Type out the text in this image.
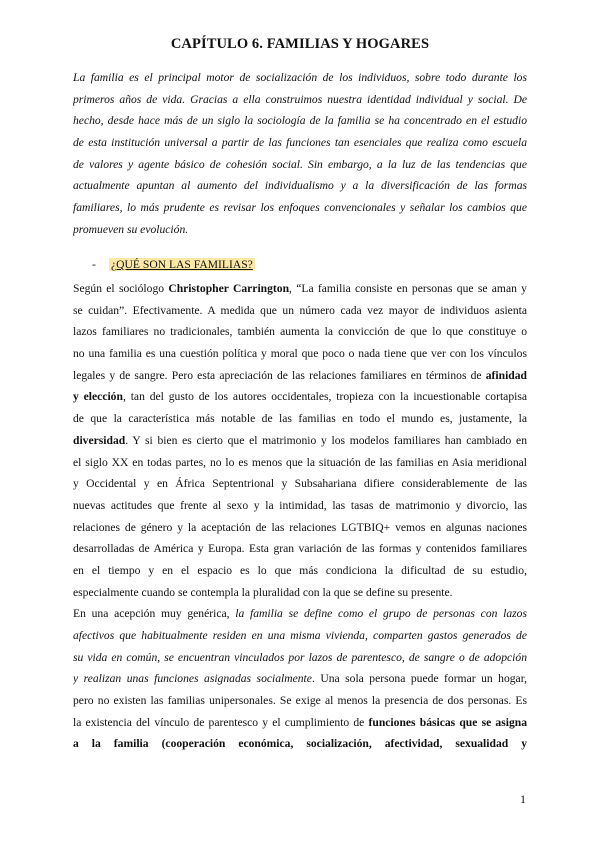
CAPÍTULO 6. FAMILIAS Y HOGARES
La familia es el principal motor de socialización de los individuos, sobre todo durante los
primeros años de vida. Gracias a ella construimos nuestra identidad individual y social. De
hecho, desde hace más de un siglo la sociología de la familia se ha concentrado en el estudio
de esta institución universal a partir de las funciones tan esenciales que realiza como escuela
de valores y agente básico de cohesión social. Sin embargo, a la luz de las tendencias que
actualmente apuntan al aumento del individualismo y a la diversificación de las formas
familiares, lo más prudente es revisar los enfoques convencionales y señalar los cambios que
promueven su evolución.
- ¿QUÉ SON LAS FAMILIAS?
Según el sociólogo Christopher Carrington, “La familia consiste en personas que se aman y
se cuidan”. Efectivamente. A medida que un número cada vez mayor de individuos asienta
lazos familiares no tradicionales, también aumenta la convicción de que lo que constituye o
no una familia es una cuestión política y moral que poco o nada tiene que ver con los vínculos
legales y de sangre. Pero esta apreciación de las relaciones familiares en términos de afinidad
y elección, tan del gusto de los autores occidentales, tropieza con la incuestionable cortapisa
de que la característica más notable de las familias en todo el mundo es, justamente, la
diversidad. Y si bien es cierto que el matrimonio y los modelos familiares han cambiado en
el siglo XX en todas partes, no lo es menos que la situación de las familias en Asia meridional
y Occidental y en África Septentrional y Subsahariana difiere considerablemente de las
nuevas actitudes que frente al sexo y la intimidad, las tasas de matrimonio y divorcio, las
relaciones de género y la aceptación de las relaciones LGTBIQ+ vemos en algunas naciones
desarrolladas de América y Europa. Esta gran variación de las formas y contenidos familiares
en el tiempo y en el espacio es lo que más condiciona la dificultad de su estudio,
especialmente cuando se contempla la pluralidad con la que se define su presente.
En una acepción muy genérica, la familia se define como el grupo de personas con lazos
afectivos que habitualmente residen en una misma vivienda, comparten gastos generados de
su vida en común, se encuentran vinculados por lazos de parentesco, de sangre o de adopción
y realizan unas funciones asignadas socialmente. Una sola persona puede formar un hogar,
pero no existen las familias unipersonales. Se exige al menos la presencia de dos personas. Es
la existencia del vínculo de parentesco y el cumplimiento de funciones básicas que se asigna
a la familia (cooperación económica, socialización, afectividad, sexualidad y
1
